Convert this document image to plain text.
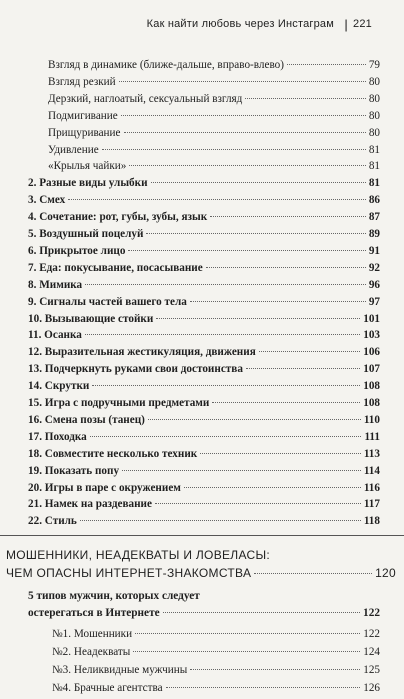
Как найти любовь через Инстаграм | 221
Взгляд в динамике (ближе-дальше, вправо-влево)	79
Взгляд резкий	80
Дерзкий, наглоатый, сексуальный взгляд	80
Подмигивание	80
Прищуривание	80
Удивление	81
«Крылья чайки»	81
2. Разные виды улыбки	81
3. Смех	86
4. Сочетание: рот, губы, зубы, язык	87
5. Воздушный поцелуй	89
6. Прикрытое лицо	91
7. Еда: покусывание, посасывание	92
8. Мимика	96
9. Сигналы частей вашего тела	97
10. Вызывающие стойки	101
11. Осанка	103
12. Выразительная жестикуляция, движения	106
13. Подчеркнуть руками свои достоинства	107
14. Скрутки	108
15. Игра с подручными предметами	108
16. Смена позы (танец)	110
17. Походка	111
18. Совместите несколько техник	113
19. Показать попу	114
20. Игры в паре с окружением	116
21. Намек на раздевание	117
22. Стиль	118
МОШЕННИКИ, НЕАДЕКВАТЫ И ЛОВЕЛАСЫ:
ЧЕМ ОПАСНЫ ИНТЕРНЕТ-ЗНАКОМСТВА	120
5 типов мужчин, которых следует
остерегаться в Интернете	122
№1. Мошенники	122
№2. Неадекваты	124
№3. Неликвидные мужчины	125
№4. Брачные агентства	126
